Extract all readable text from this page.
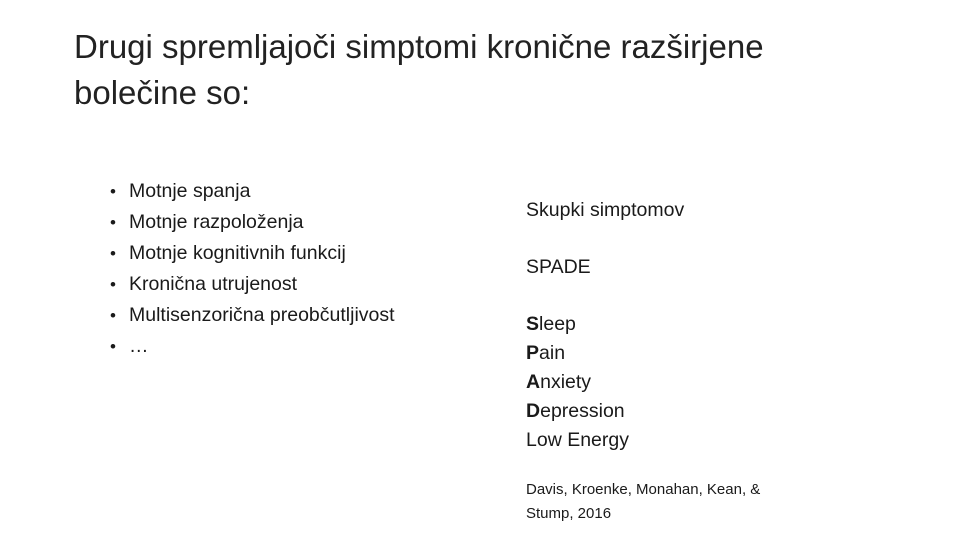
Drugi spremljajoči simptomi kronične razširjene bolečine so:
• Motnje spanja
• Motnje razpoloženja
• Motnje kognitivnih funkcij
• Kronična utrujenost
• Multisenzorična preobčutljivost
• …
Skupki simptomov
SPADE
Sleep
Pain
Anxiety
Depression
Low Energy
Davis, Kroenke, Monahan, Kean, & Stump, 2016
